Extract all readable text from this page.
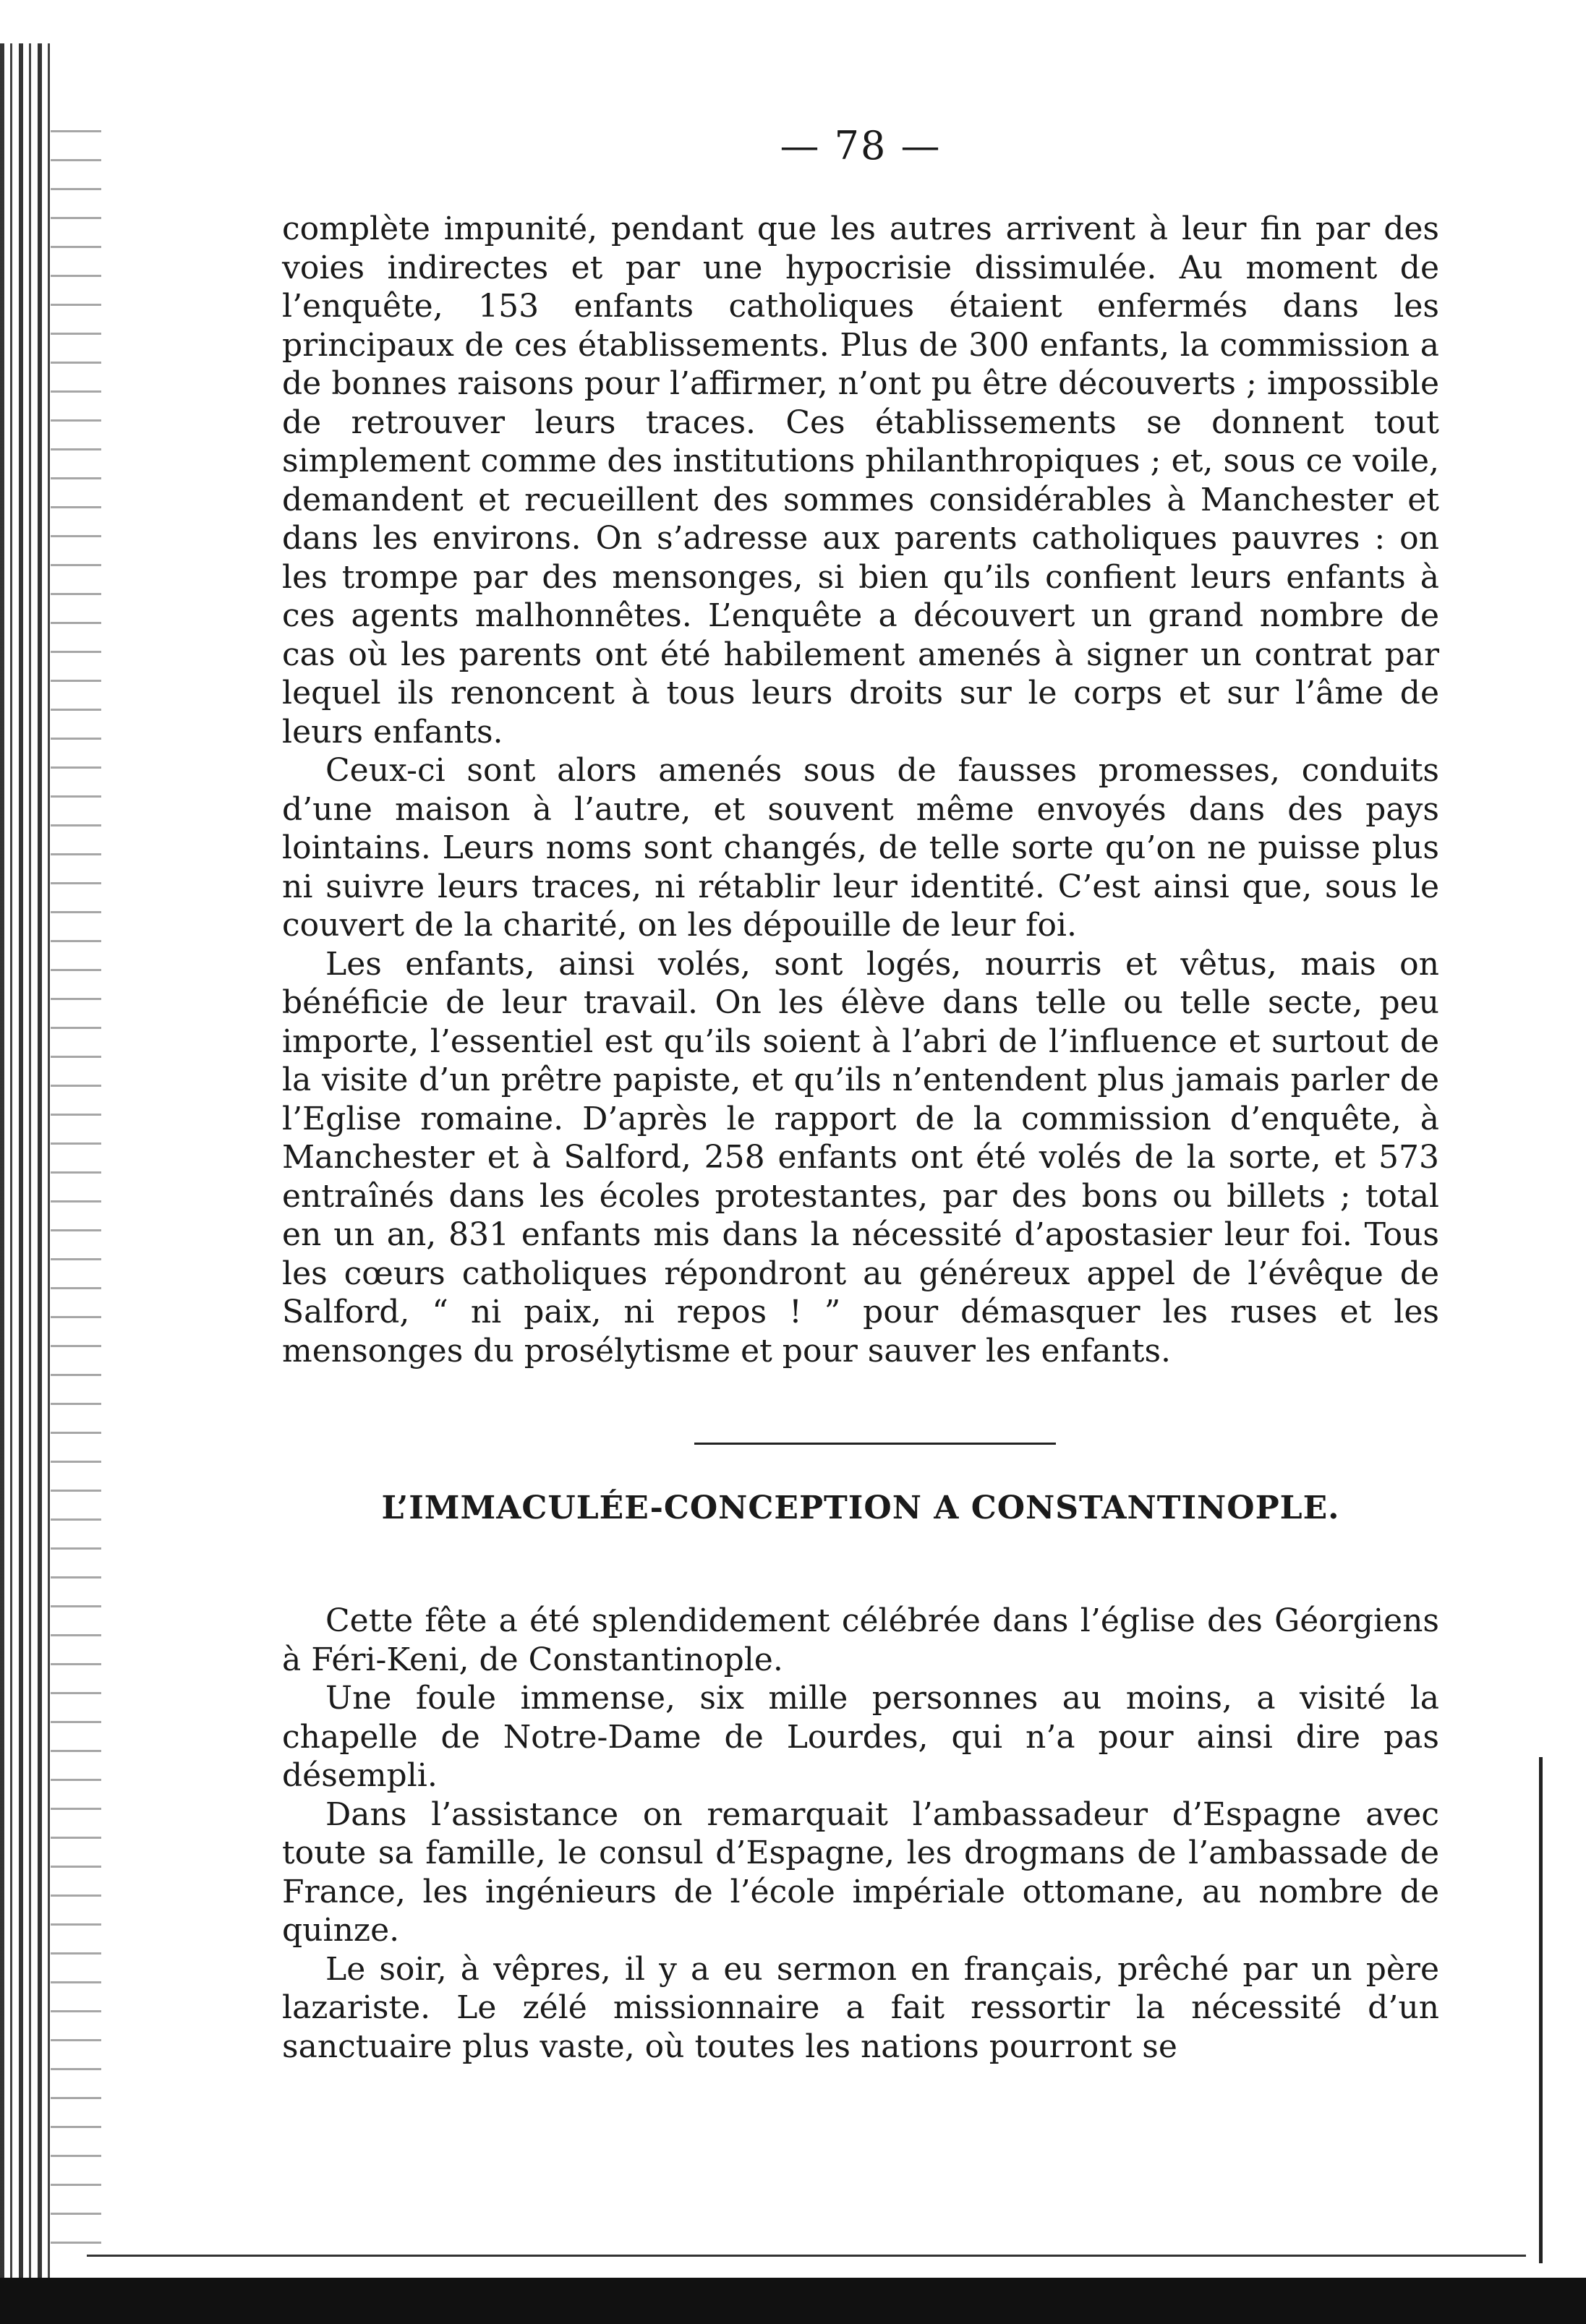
— 78 —

complète impunité, pendant que les autres arrivent à leur fin par des voies indirectes et par une hypocrisie dissimulée. Au moment de l’enquête, 153 enfants catholiques étaient enfermés dans les principaux de ces établissements. Plus de 300 enfants, la commission a de bonnes raisons pour l’affirmer, n’ont pu être découverts ; impossible de retrouver leurs traces. Ces établissements se donnent tout simplement comme des institutions philanthropiques ; et, sous ce voile, demandent et recueillent des sommes considérables à Manchester et dans les environs. On s’adresse aux parents catholiques pauvres : on les trompe par des mensonges, si bien qu’ils confient leurs enfants à ces agents malhonnêtes. L’enquête a découvert un grand nombre de cas où les parents ont été habilement amenés à signer un contrat par lequel ils renoncent à tous leurs droits sur le corps et sur l’âme de leurs enfants.

Ceux-ci sont alors amenés sous de fausses promesses, conduits d’une maison à l’autre, et souvent même envoyés dans des pays lointains. Leurs noms sont changés, de telle sorte qu’on ne puisse plus ni suivre leurs traces, ni rétablir leur identité. C’est ainsi que, sous le couvert de la charité, on les dépouille de leur foi.

Les enfants, ainsi volés, sont logés, nourris et vêtus, mais on bénéficie de leur travail. On les élève dans telle ou telle secte, peu importe, l’essentiel est qu’ils soient à l’abri de l’influence et surtout de la visite d’un prêtre papiste, et qu’ils n’entendent plus jamais parler de l’Eglise romaine. D’après le rapport de la commission d’enquête, à Manchester et à Salford, 258 enfants ont été volés de la sorte, et 573 entraînés dans les écoles protestantes, par des bons ou billets ; total en un an, 831 enfants mis dans la nécessité d’apostasier leur foi. Tous les cœurs catholiques répondront au généreux appel de l’évêque de Salford, “ ni paix, ni repos ! ” pour démasquer les ruses et les mensonges du prosélytisme et pour sauver les enfants.

L’IMMACULÉE-CONCEPTION A CONSTANTINOPLE.

Cette fête a été splendidement célébrée dans l’église des Géorgiens à Féri-Keni, de Constantinople.

Une foule immense, six mille personnes au moins, a visité la chapelle de Notre-Dame de Lourdes, qui n’a pour ainsi dire pas désempli.

Dans l’assistance on remarquait l’ambassadeur d’Espagne avec toute sa famille, le consul d’Espagne, les drogmans de l’ambassade de France, les ingénieurs de l’école impériale ottomane, au nombre de quinze.

Le soir, à vêpres, il y a eu sermon en français, prêché par un père lazariste. Le zélé missionnaire a fait ressortir la nécessité d’un sanctuaire plus vaste, où toutes les nations pourront se
